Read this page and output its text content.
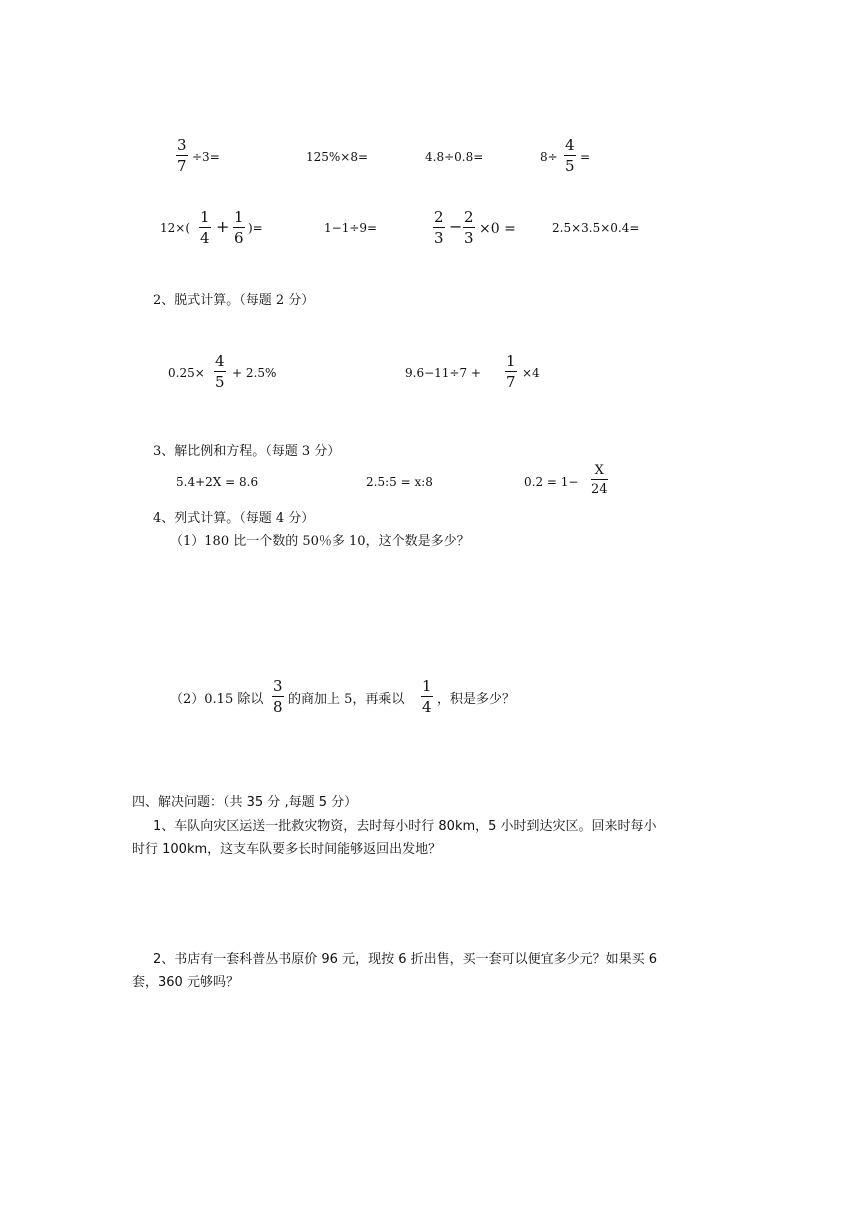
3
7 ÷3=	125%×8=	4.8÷0.8=	8÷
4
5 =
12×(
1
4
+ 1
6
)=	1−1÷9=
2
3
− 2
3 ×0 =	2.5×3.5×0.4=
2、脱式计算。（每题 2 分）
0.25×
4
5 + 2.5%	9.6−11÷7 +
1
7 ×4
3、解比例和方程。（每题 3 分）
5.4+2X = 8.6	2.5:5 = x:8	0.2 = 1−
X
24
4、列式计算。（每题 4 分）
（1）180 比一个数的 50％多 10，这个数是多少？
（2）0.15 除以
3
8 的商加上 5，再乘以
1
4 ，积是多少？
四、解决问题：（共 35 分 ,每题 5 分）
1、车队向灾区运送一批救灾物资，去时每小时行 80km，5 小时到达灾区。回来时每小
时行 100km，这支车队要多长时间能够返回出发地？
2、书店有一套科普丛书原价 96 元，现按 6 折出售，买一套可以便宜多少元？如果买 6
套，360 元够吗？
